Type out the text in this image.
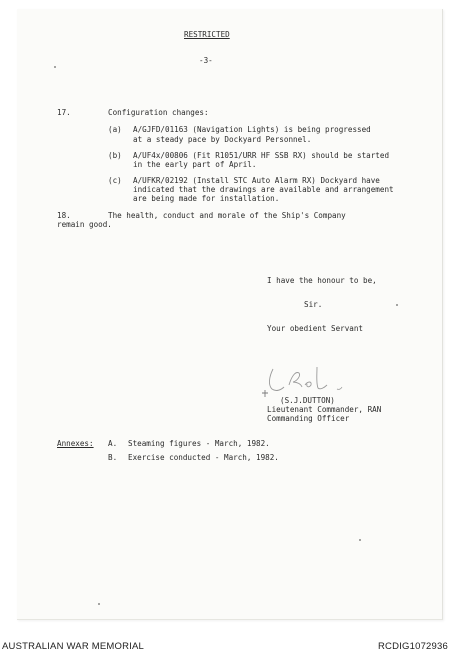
RESTRICTED
-3-
17.	Configuration changes:
(a) A/GJFD/01163 (Navigation Lights) is being progressed
at a steady pace by Dockyard Personnel.
(b) A/UF4x/00806 (Fit R1051/URR HF SSB RX) should be started
in the early part of April.
(c) A/UFKR/02192 (Install STC Auto Alarm RX) Dockyard have
indicated that the drawings are available and arrangement
are being made for installation.
18.	The health, conduct and morale of the Ship's Company
remain good.
I have the honour to be,
Sir.
Your obedient Servant
(S.J.DUTTON)
Lieutenant Commander, RAN
Commanding Officer
Annexes: A. Steaming figures - March, 1982.
B. Exercise conducted - March, 1982.
AUSTRALIAN WAR MEMORIAL	RCDIG1072936
